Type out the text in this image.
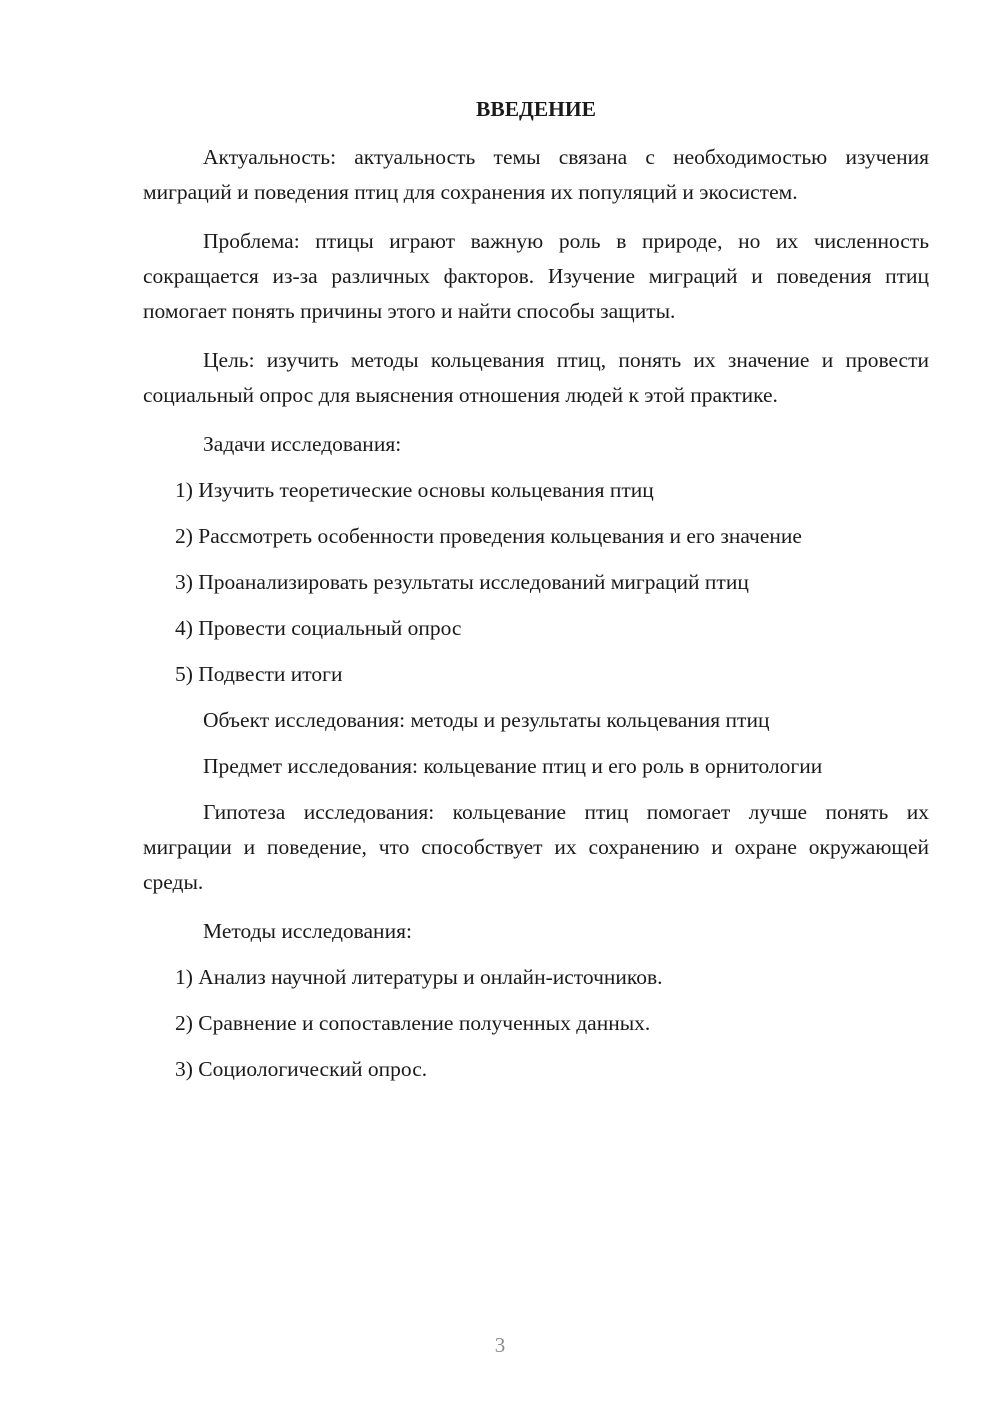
ВВЕДЕНИЕ

Актуальность: актуальность темы связана с необходимостью изучения миграций и поведения птиц для сохранения их популяций и экосистем.

Проблема: птицы играют важную роль в природе, но их численность сокращается из-за различных факторов. Изучение миграций и поведения птиц помогает понять причины этого и найти способы защиты.

Цель: изучить методы кольцевания птиц, понять их значение и провести социальный опрос для выяснения отношения людей к этой практике.

Задачи исследования:
1) Изучить теоретические основы кольцевания птиц
2) Рассмотреть особенности проведения кольцевания и его значение
3) Проанализировать результаты исследований миграций птиц
4) Провести социальный опрос
5) Подвести итоги
Объект исследования: методы и результаты кольцевания птиц
Предмет исследования: кольцевание птиц и его роль в орнитологии

Гипотеза исследования: кольцевание птиц помогает лучше понять их миграции и поведение, что способствует их сохранению и охране окружающей среды.

Методы исследования:
1) Анализ научной литературы и онлайн-источников.
2) Сравнение и сопоставление полученных данных.
3) Социологический опрос.
3
